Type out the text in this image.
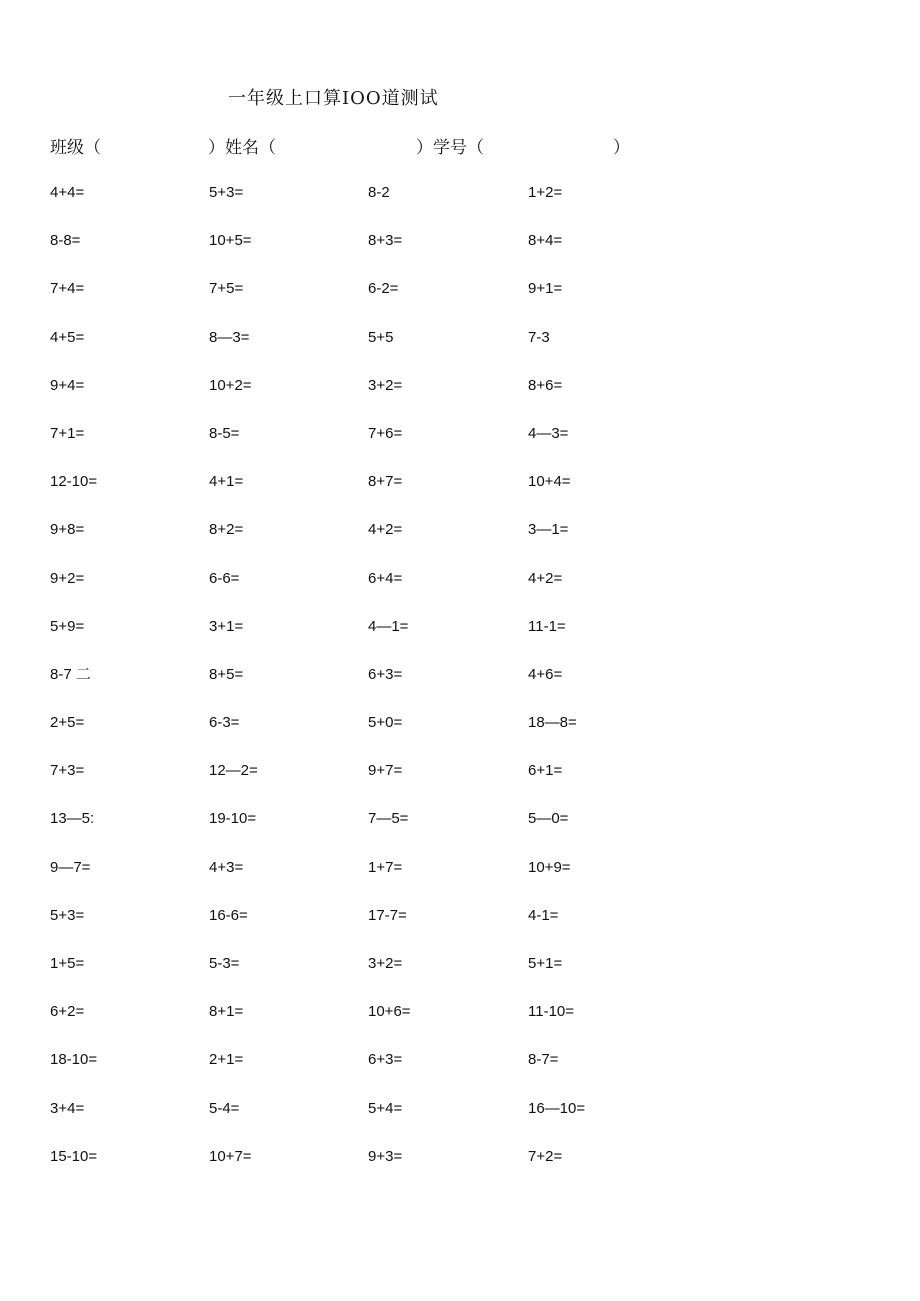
一年级上口算IOO道测试
班级（	）姓名（	）学号（	）
4+4=	5+3=	8-2	1+2=
8-8=	10+5=	8+3=	8+4=
7+4=	7+5=	6-2=	9+1=
4+5=	8—3=	5+5	7-3
9+4=	10+2=	3+2=	8+6=
7+1=	8-5=	7+6=	4—3=
12-10=	4+1=	8+7=	10+4=
9+8=	8+2=	4+2=	3—1=
9+2=	6-6=	6+4=	4+2=
5+9=	3+1=	4—1=	11-1=
8-7 二	8+5=	6+3=	4+6=
2+5=	6-3=	5+0=	18—8=
7+3=	12—2=	9+7=	6+1=
13—5:	19-10=	7—5=	5—0=
9—7=	4+3=	1+7=	10+9=
5+3=	16-6=	17-7=	4-1=
1+5=	5-3=	3+2=	5+1=
6+2=	8+1=	10+6=	11-10=
18-10=	2+1=	6+3=	8-7=
3+4=	5-4=	5+4=	16—10=
15-10=	10+7=	9+3=	7+2=
